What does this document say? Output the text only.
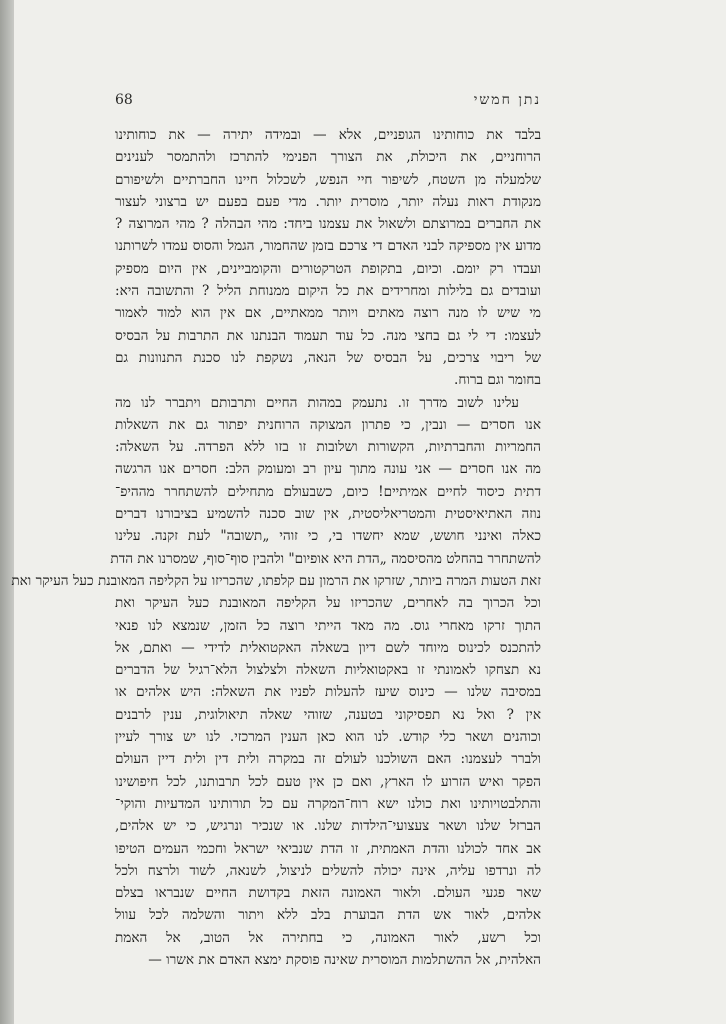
68	נתן חמשי
בלבד את כוחותינו הגופניים, אלא — ובמידה יתירה — את כוחותינו
הרוחניים, את היכולת, את הצורך הפנימי להתרכז ולהתמסר לענינים
שלמעלה מן השטח, לשיפור חיי הנפש, לשכלול חיינו החברתיים ולשיפורם
מנקודת ראות נעלה יותר, מוסרית יותר. מדי פעם בפעם יש ברצוני לעצור
את החברים במרוצתם ולשאול את עצמנו ביחד: מהי הבהלה ? מהי המרוצה ?
מדוע אין מספיקה לבני האדם די צרכם בזמן שהחמור, הגמל והסוס עמדו לשרותנו
ועבדו רק יומם. וכיום, בתקופת הטרקטורים והקומביינים, אין היום מספיק
ועובדים גם בלילות ומחרידים את כל היקום ממנוחת הליל ? והתשובה היא:
מי שיש לו מנה רוצה מאתים ויותר ממאתיים, אם אין הוא למוד לאמור
לעצמו: די לי גם בחצי מנה. כל עוד תעמוד הבנתנו את התרבות על הבסיס
של ריבוי צרכים, על הבסיס של הנאה, נשקפת לנו סכנת התנוונות גם
בחומר וגם ברוח.
עלינו לשוב מדרך זו. נתעמק במהות החיים ותרבותם ויתברר לנו מה
אנו חסרים — ונבין, כי פתרון המצוקה הרוחנית יפתור גם את השאלות
החמריות והחברתיות, הקשורות ושלובות זו בזו ללא הפרדה. על השאלה:
מה אנו חסרים — אני עונה מתוך עיון רב ומעומק הלב: חסרים אנו הרגשה
דתית כיסוד לחיים אמיתיים! כיום, כשבעולם מתחילים להשתחרר מההיפ־
נוזה האתיאיסטית והמטריאליסטית, אין שוב סכנה להשמיע בציבורנו דברים
כאלה ואינני חושש, שמא יחשדו בי, כי זוהי „תשובה" לעת זקנה. עלינו
להשתחרר בהחלט מהסיסמה „הדת היא אופיום" ולהבין סוף־סוף, שמסרנו את הדת
זאת הטעות המרה ביותר, שזרקו את הרמון עם קלפתו, שהכריזו על הקליפה המאובנת כעל העיקר ואת
וכל הכרוך בה לאחרים, שהכריזו על הקליפה המאובנת כעל העיקר ואת
התוך זרקו מאחרי גוס. מה מאד הייתי רוצה כל הזמן, שנמצא לנו פנאי
להתכנס לכינוס מיוחד לשם דיון בשאלה האקטואלית לדידי — ואתם, אל
נא תצחקו לאמונתי זו באקטואליות השאלה ולצלצול הלא־רגיל של הדברים
במסיבה שלנו — כינוס שיעז להעלות לפניו את השאלה: היש אלהים או
אין ? ואל נא תפסיקוני בטענה, שזוהי שאלה תיאולוגית, ענין לרבנים
וכוהנים ושאר כלי קודש. לנו הוא כאן הענין המרכזי. לנו יש צורך לעיין
ולברר לעצמנו: האם השולכנו לעולם זה במקרה ולית דין ולית דיין העולם
הפקר ואיש הזרוע לו הארץ, ואם כן אין טעם לכל תרבותנו, לכל חיפושינו
והתלבטויותינו ואת כולנו ישא רוח־המקרה עם כל תורותינו המדעיות והוקי־
הברזל שלנו ושאר צעצועי־הילדות שלנו. או שנכיר ונרגיש, כי יש אלהים,
אב אחד לכולנו והדת האמתית, זו הדת שנביאי ישראל וחכמי העמים הטיפו
לה ונרדפו עליה, אינה יכולה להשלים לניצול, לשנאה, לשוד ולרצח ולכל
שאר פגעי העולם. ולאור האמונה הזאת בקדושת החיים שנבראו בצלם
אלהים, לאור אש הדת הבוערת בלב ללא ויתור והשלמה לכל עוול
וכל רשע, לאור האמונה, כי בחתירה אל הטוב, אל האמת
האלהית, אל ההשתלמות המוסרית שאינה פוסקת ימצא האדם את אשרו —
